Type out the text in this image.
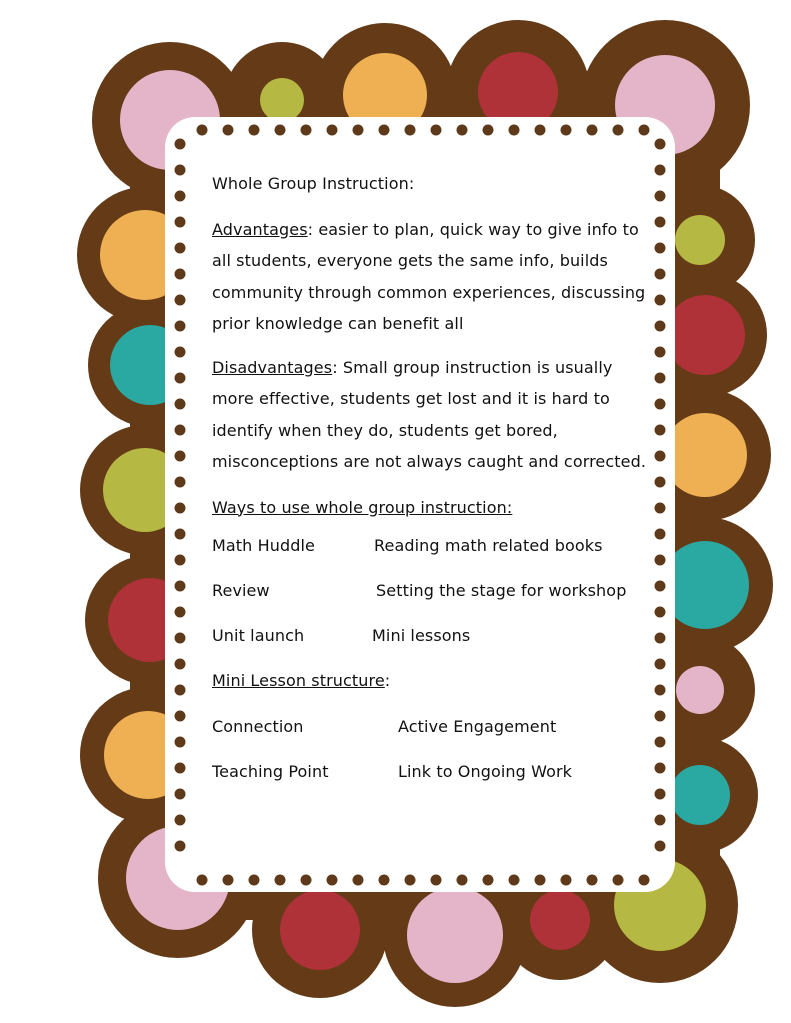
Whole Group Instruction:

Advantages: easier to plan, quick way to give info to all students, everyone gets the same info, builds community through common experiences, discussing prior knowledge can benefit all

Disadvantages: Small group instruction is usually more effective, students get lost and it is hard to identify when they do, students get bored, misconceptions are not always caught and corrected.

Ways to use whole group instruction:

Math Huddle	Reading math related books
Review	Setting the stage for workshop
Unit launch	Mini lessons
Mini Lesson structure:
Connection	Active Engagement
Teaching Point	Link to Ongoing Work
